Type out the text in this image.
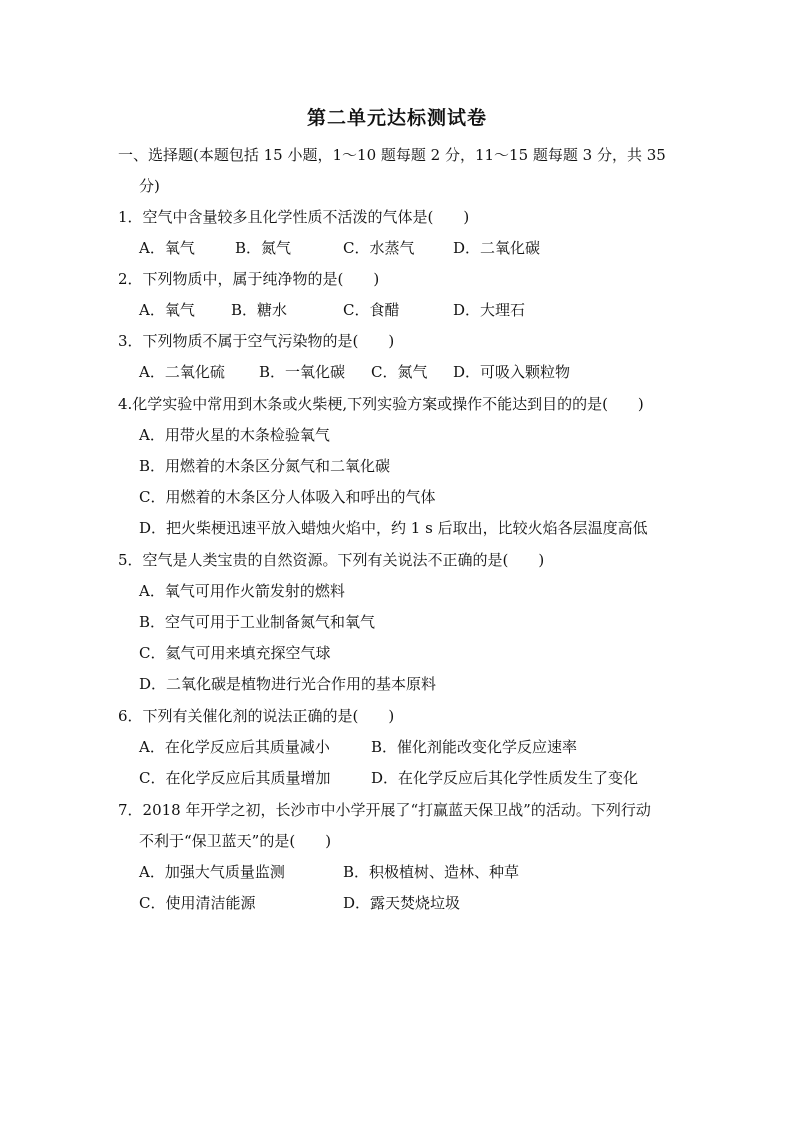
第二单元达标测试卷
一、选择题(本题包括 15 小题，1～10 题每题 2 分，11～15 题每题 3 分，共 35
分)
1．空气中含量较多且化学性质不活泼的气体是(　　)
A．氧气	B．氮气	C．水蒸气	D．二氧化碳
2．下列物质中，属于纯净物的是(　　)
A．氧气 B．糖水	C．食醋	D．大理石
3．下列物质不属于空气污染物的是(　　)
A．二氧化硫 B．一氧化碳 C．氮气 D．可吸入颗粒物
4.化学实验中常用到木条或火柴梗,下列实验方案或操作不能达到目的的是(　　)
A．用带火星的木条检验氧气
B．用燃着的木条区分氮气和二氧化碳
C．用燃着的木条区分人体吸入和呼出的气体
D．把火柴梗迅速平放入蜡烛火焰中，约 1 s 后取出，比较火焰各层温度高低
5．空气是人类宝贵的自然资源。下列有关说法不正确的是(　　)
A．氧气可用作火箭发射的燃料
B．空气可用于工业制备氮气和氧气
C．氦气可用来填充探空气球
D．二氧化碳是植物进行光合作用的基本原料
6．下列有关催化剂的说法正确的是(　　)
A．在化学反应后其质量减小	B．催化剂能改变化学反应速率
C．在化学反应后其质量增加	D．在化学反应后其化学性质发生了变化
7．2018 年开学之初，长沙市中小学开展了“打赢蓝天保卫战”的活动。下列行动
不利于“保卫蓝天”的是(　　)
A．加强大气质量监测	B．积极植树、造林、种草
C．使用清洁能源	D．露天焚烧垃圾
